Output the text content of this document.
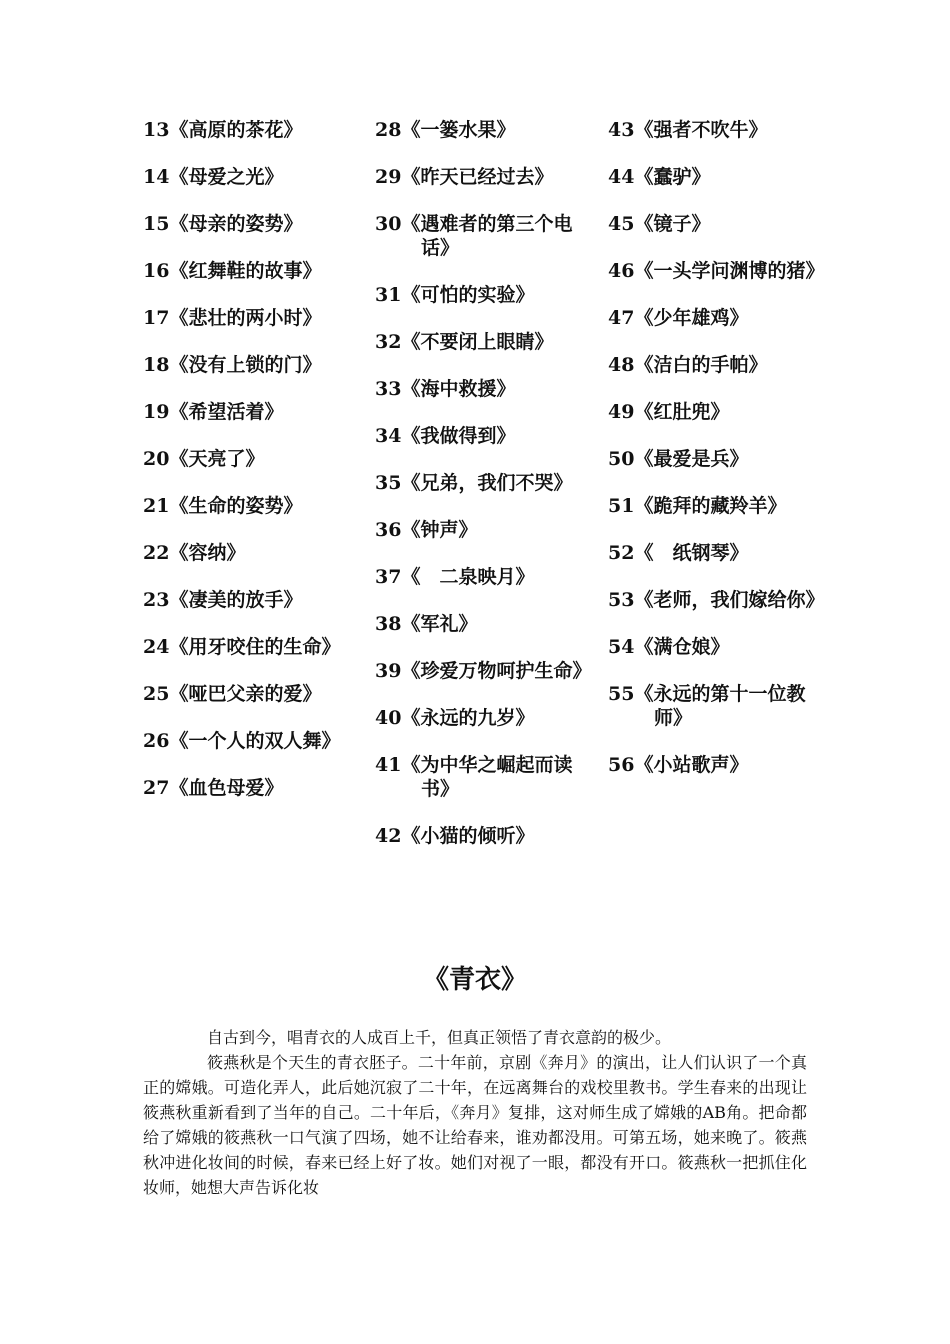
13《高原的茶花》
14《母爱之光》
15《母亲的姿势》
16《红舞鞋的故事》
17《悲壮的两小时》
18《没有上锁的门》
19《希望活着》
20《天亮了》
21《生命的姿势》
22《容纳》
23《凄美的放手》
24《用牙咬住的生命》
25《哑巴父亲的爱》
26《一个人的双人舞》
27《血色母爱》
28《一篓水果》
29《昨天已经过去》
30《遇难者的第三个电话》
31《可怕的实验》
32《不要闭上眼睛》
33《海中救援》
34《我做得到》
35《兄弟，我们不哭》
36《钟声》
37《　二泉映月》
38《军礼》
39《珍爱万物呵护生命》
40《永远的九岁》
41《为中华之崛起而读书》
42《小猫的倾听》
43《强者不吹牛》
44《蠢驴》
45《镜子》
46《一头学问渊博的猪》
47《少年雄鸡》
48《洁白的手帕》
49《红肚兜》
50《最爱是兵》
51《跪拜的藏羚羊》
52《　纸钢琴》
53《老师，我们嫁给你》
54《满仓娘》
55《永远的第十一位教师》
56《小站歌声》
《青衣》

自古到今，唱青衣的人成百上千，但真正领悟了青衣意韵的极少。

筱燕秋是个天生的青衣胚子。二十年前，京剧《奔月》的演出，让人们认识了一个真正的嫦娥。可造化弄人，此后她沉寂了二十年，在远离舞台的戏校里教书。学生春来的出现让筱燕秋重新看到了当年的自己。二十年后，《奔月》复排，这对师生成了嫦娥的AB角。把命都给了嫦娥的筱燕秋一口气演了四场，她不让给春来，谁劝都没用。可第五场，她来晚了。筱燕秋冲进化妆间的时候，春来已经上好了妆。她们对视了一眼，都没有开口。筱燕秋一把抓住化妆师，她想大声告诉化妆
